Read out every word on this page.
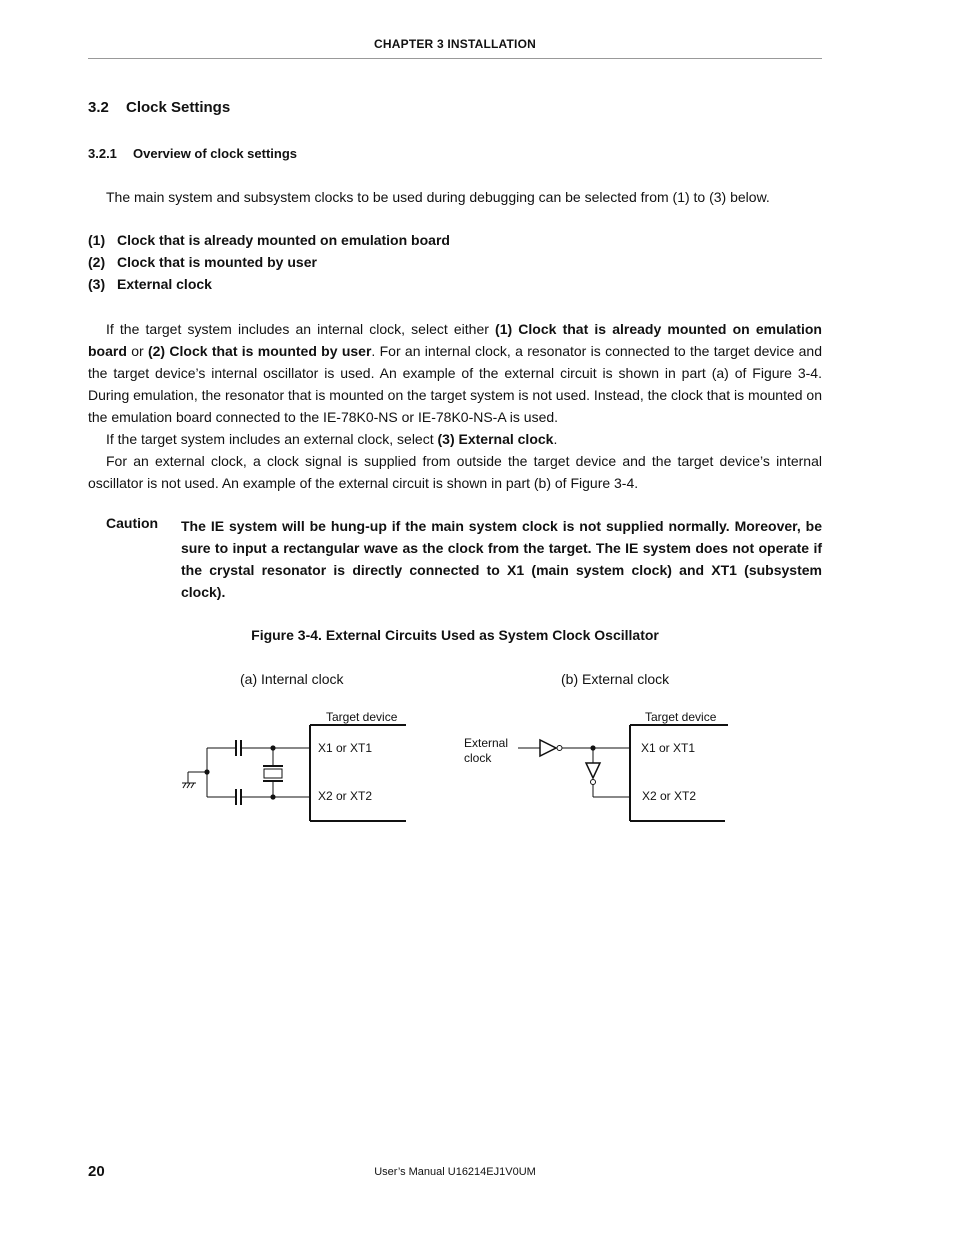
CHAPTER 3 INSTALLATION
3.2 Clock Settings
3.2.1 Overview of clock settings

The main system and subsystem clocks to be used during debugging can be selected from (1) to (3) below.

(1) Clock that is already mounted on emulation board
(2) Clock that is mounted by user
(3) External clock

If the target system includes an internal clock, select either (1) Clock that is already mounted on emulation board or (2) Clock that is mounted by user. For an internal clock, a resonator is connected to the target device and the target device’s internal oscillator is used. An example of the external circuit is shown in part (a) of Figure 3-4. During emulation, the resonator that is mounted on the target system is not used. Instead, the clock that is mounted on the emulation board connected to the IE-78K0-NS or IE-78K0-NS-A is used.

If the target system includes an external clock, select (3) External clock.

For an external clock, a clock signal is supplied from outside the target device and the target device’s internal oscillator is not used. An example of the external circuit is shown in part (b) of Figure 3-4.

Caution The IE system will be hung-up if the main system clock is not supplied normally. Moreover, be sure to input a rectangular wave as the clock from the target. The IE system does not operate if the crystal resonator is directly connected to X1 (main system clock) and XT1 (subsystem clock).

Figure 3-4. External Circuits Used as System Clock Oscillator
(a) Internal clock	(b) External clock
Target device
X1 or XT1
X2 or XT2
Target device
X1 or XT1
X2 or XT2
External
clock
20	User’s Manual U16214EJ1V0UM
